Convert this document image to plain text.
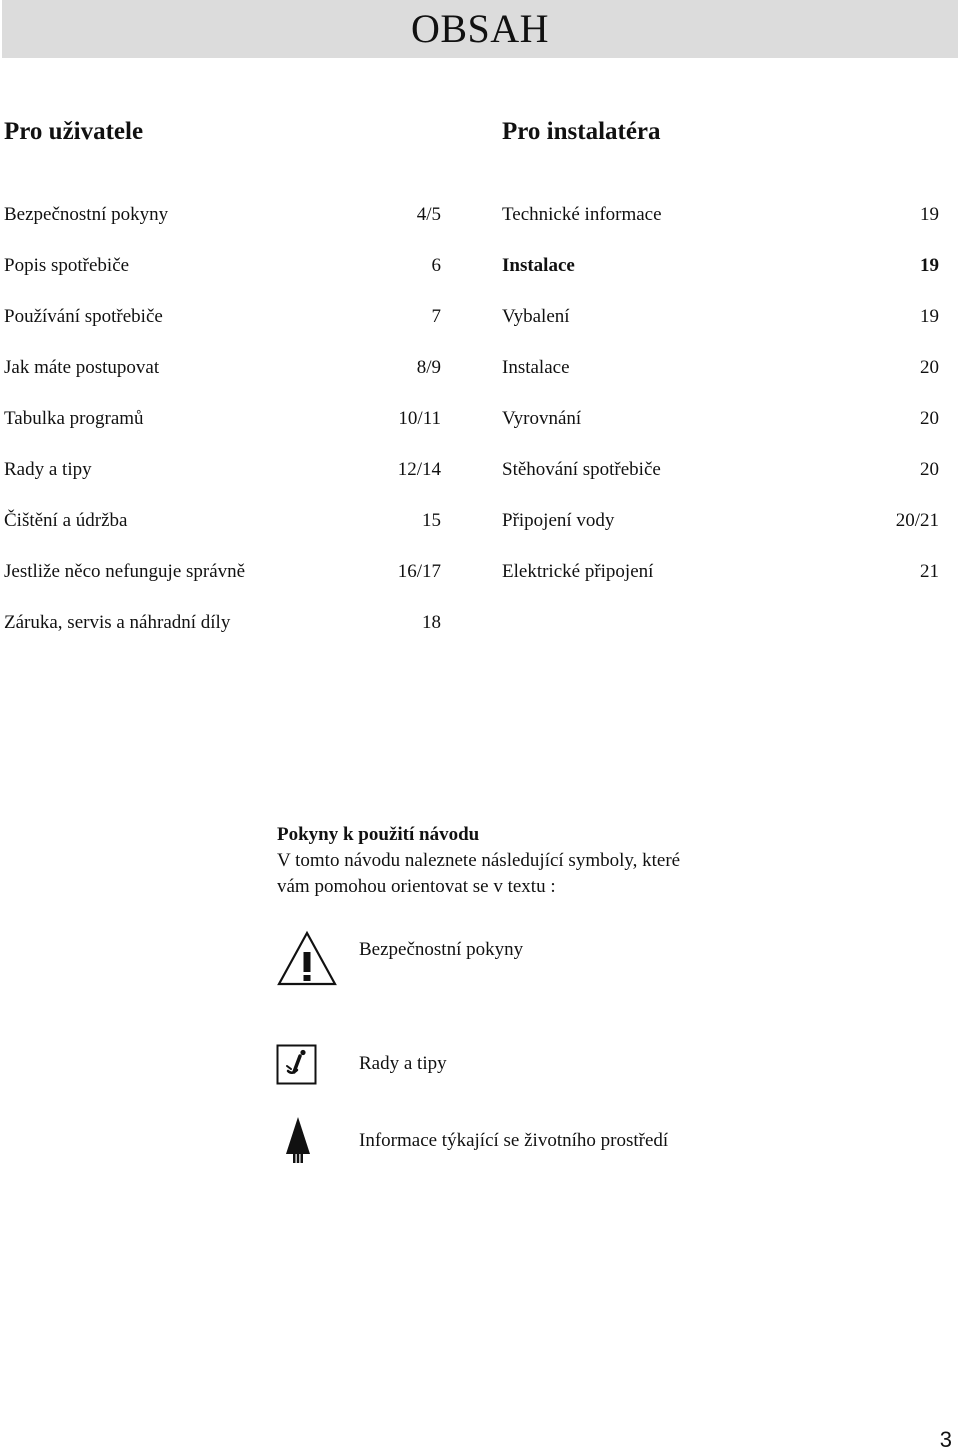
OBSAH
Pro uživatele	Pro instalatéra
Bezpečnostní pokyny	4/5
Popis spotřebiče	6
Používání spotřebiče	7
Jak máte postupovat	8/9
Tabulka programů	10/11
Rady a tipy	12/14
Čištění a údržba	15
Jestliže něco nefunguje správně	16/17
Záruka, servis a náhradní díly	18
Technické informace	19
Instalace	19
Vybalení	19
Instalace	20
Vyrovnání	20
Stěhování spotřebiče	20
Připojení vody	20/21
Elektrické připojení	21
Pokyny k použití návodu
V tomto návodu naleznete následující symboly, které
vám pomohou orientovat se v textu :
Bezpečnostní pokyny
Rady a tipy
Informace týkající se životního prostředí
3
